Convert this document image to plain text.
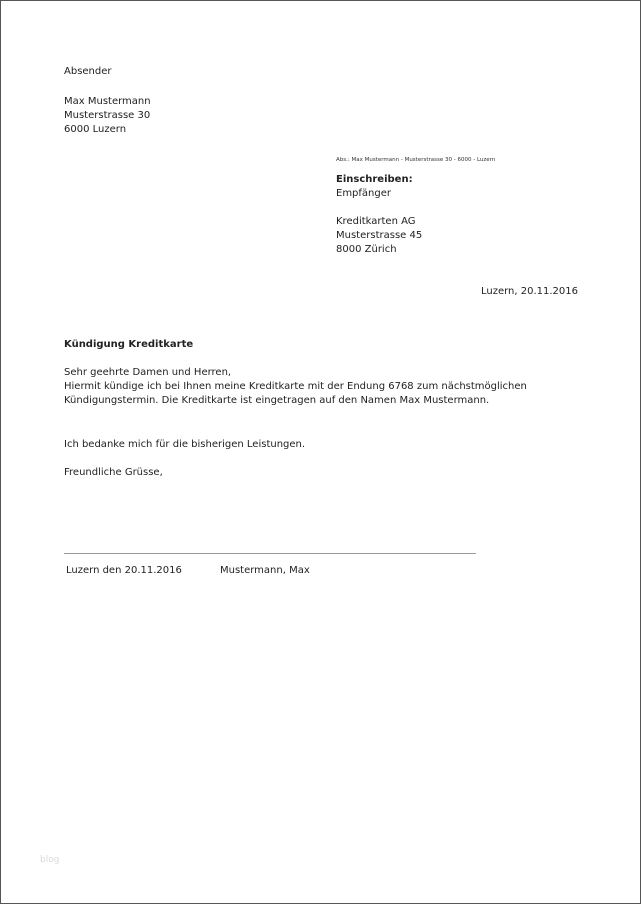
Absender
Max Mustermann
Musterstrasse 30
6000 Luzern
Abs.: Max Mustermann - Musterstrasse 30 - 6000 - Luzern
Einschreiben:
Empfänger
Kreditkarten AG
Musterstrasse 45
8000 Zürich
Luzern, 20.11.2016
Kündigung Kreditkarte
Sehr geehrte Damen und Herren,
Hiermit kündige ich bei Ihnen meine Kreditkarte mit der Endung 6768 zum nächstmöglichen
Kündigungstermin. Die Kreditkarte ist eingetragen auf den Namen Max Mustermann.
Ich bedanke mich für die bisherigen Leistungen.
Freundliche Grüsse,
Luzern den 20.11.2016	Mustermann, Max
blog
